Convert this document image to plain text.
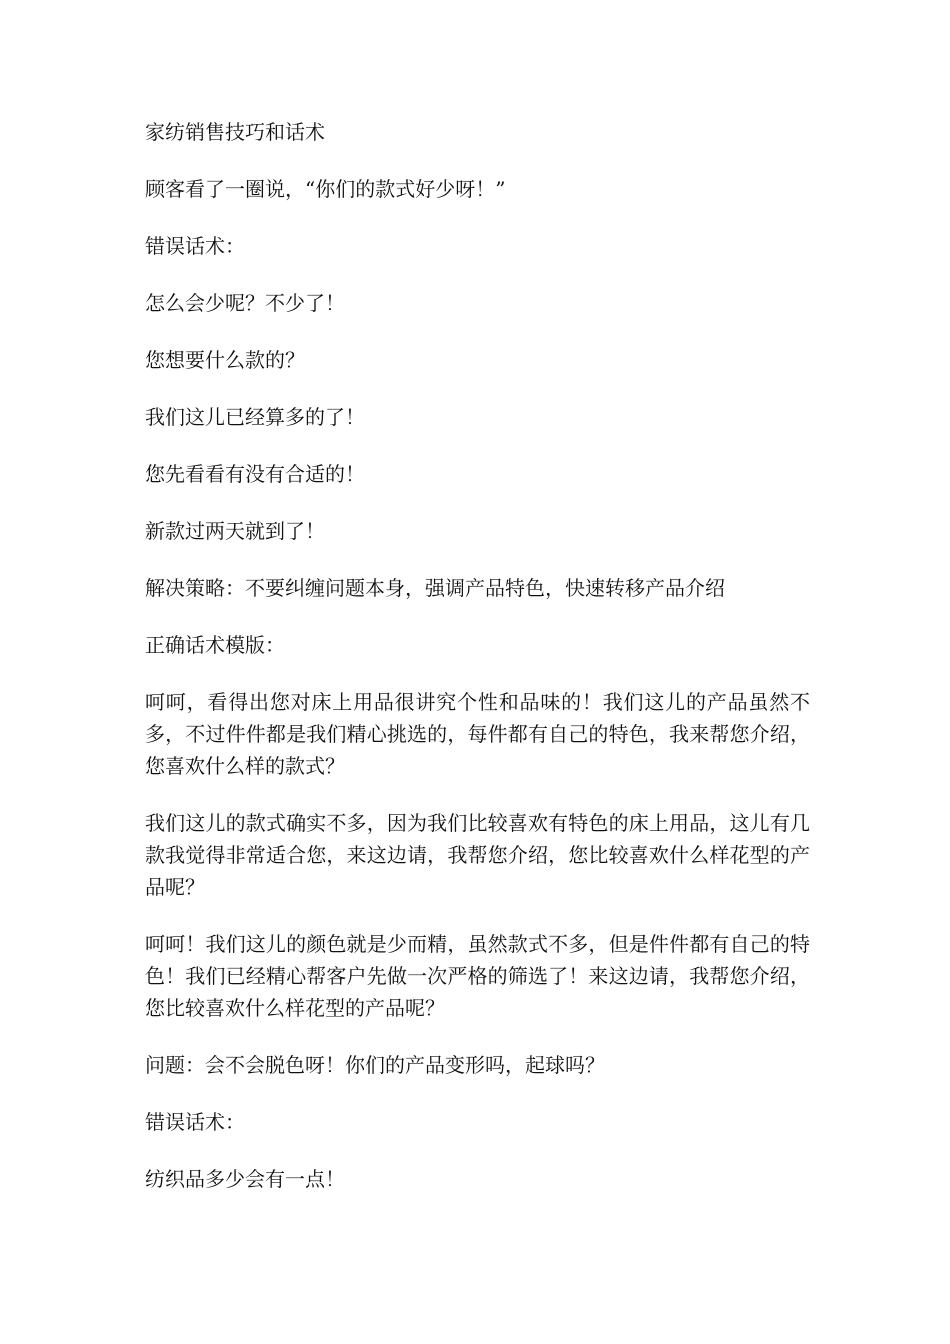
家纺销售技巧和话术

顾客看了一圈说，“你们的款式好少呀！”

错误话术：

怎么会少呢？不少了！

您想要什么款的？

我们这儿已经算多的了！

您先看看有没有合适的！

新款过两天就到了！

解决策略：不要纠缠问题本身，强调产品特色，快速转移产品介绍

正确话术模版：

呵呵，看得出您对床上用品很讲究个性和品味的！我们这儿的产品虽然不多，不过件件都是我们精心挑选的，每件都有自己的特色，我来帮您介绍，您喜欢什么样的款式？

我们这儿的款式确实不多，因为我们比较喜欢有特色的床上用品，这儿有几款我觉得非常适合您，来这边请，我帮您介绍，您比较喜欢什么样花型的产品呢？

呵呵！我们这儿的颜色就是少而精，虽然款式不多，但是件件都有自己的特色！我们已经精心帮客户先做一次严格的筛选了！来这边请，我帮您介绍，您比较喜欢什么样花型的产品呢？

问题：会不会脱色呀！你们的产品变形吗，起球吗？

错误话术：

纺织品多少会有一点！
